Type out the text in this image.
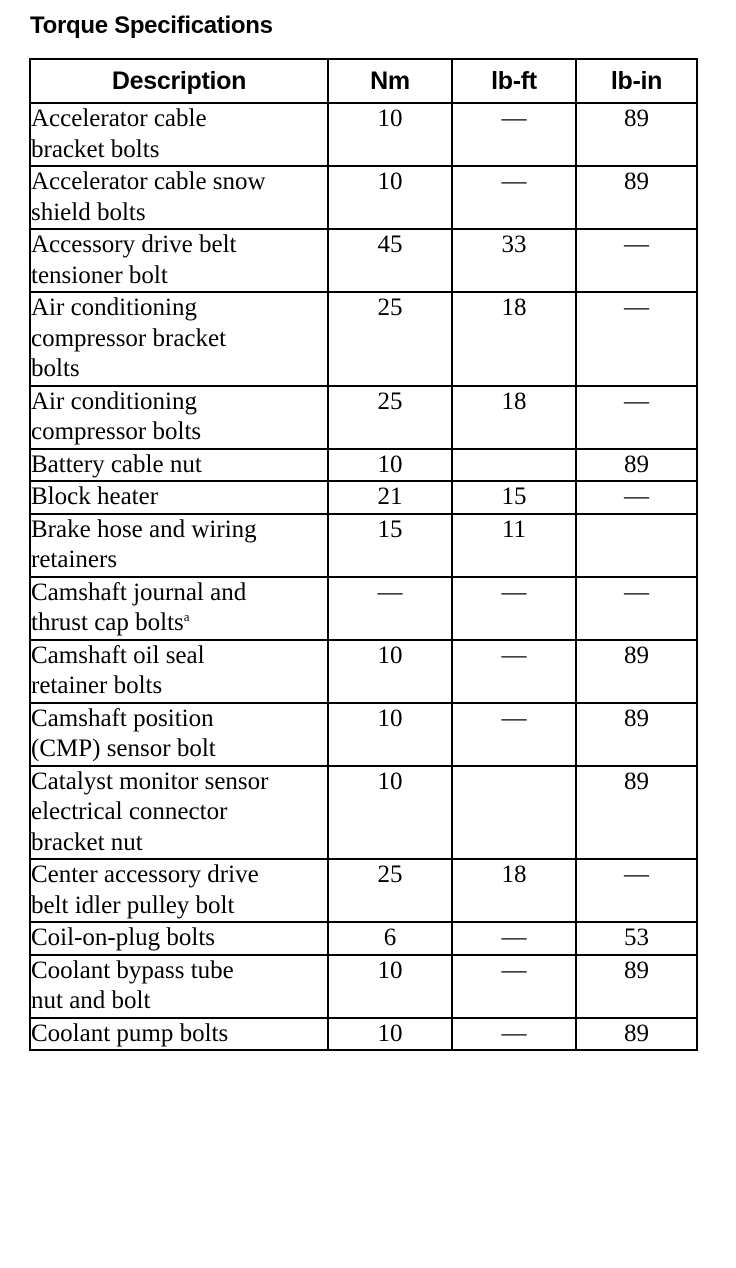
Torque Specifications
Description	Nm	lb-ft	lb-in

Accelerator cable
bracket bolts	10	—	89

Accelerator cable snow
shield bolts	10	—	89

Accessory drive belt
tensioner bolt	45	33	—

Air conditioning
compressor bracket
bolts	25	18	—

Air conditioning
compressor bolts	25	18	—

Battery cable nut	10		89

Block heater	21	15	—

Brake hose and wiring
retainers	15	11	

Camshaft journal and
thrust cap bolts$^a$	—	—	—

Camshaft oil seal
retainer bolts	10	—	89

Camshaft position
(CMP) sensor bolt	10	—	89

Catalyst monitor sensor
electrical connector
bracket nut	10		89

Center accessory drive
belt idler pulley bolt	25	18	—

Coil-on-plug bolts	6	—	53

Coolant bypass tube
nut and bolt	10	—	89

Coolant pump bolts	10	—	89
